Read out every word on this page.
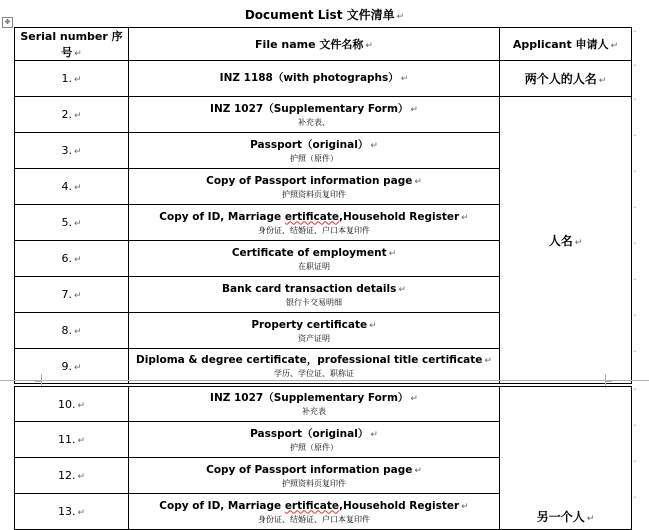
Document List 文件清单 ↵
✥
Serial number 序号 ↵	File name 文件名称 ↵	Applicant 申请人 ↵
1. ↵	INZ 1188（with photographs） ↵	两个人的人名 ↵
2. ↵	INZ 1027（Supplementary Form） ↵
补充表、	人名 ↵
3. ↵	Passport（original） ↵
护照（原件）	

4. ↵	Copy of Passport information page ↵
护照资料页复印件	

5. ↵	Copy of ID, Marriage ertificate,Household Register ↵
身份证、结婚证、户口本复印件	

6. ↵	Certificate of employment ↵
在职证明	

7. ↵	Bank card transaction details ↵
银行卡交易明细	

8. ↵	Property certificate ↵
资产证明	

9. ↵	Diploma & degree certificate，professional title certificate ↵
学历、学位证、职称证	
10. ↵	INZ 1027（Supplementary Form） ↵
补充表	另一个人 ↵
11. ↵	Passport（original） ↵
护照（原件）	

12. ↵	Copy of Passport information page ↵
护照资料页复印件	

13. ↵	Copy of ID, Marriage ertificate,Household Register ↵
身份证、结婚证、户口本复印件	
¨
¨
¨
¨
¨
¨
¨
¨
¨
¨
¨
¨
¨
¨
